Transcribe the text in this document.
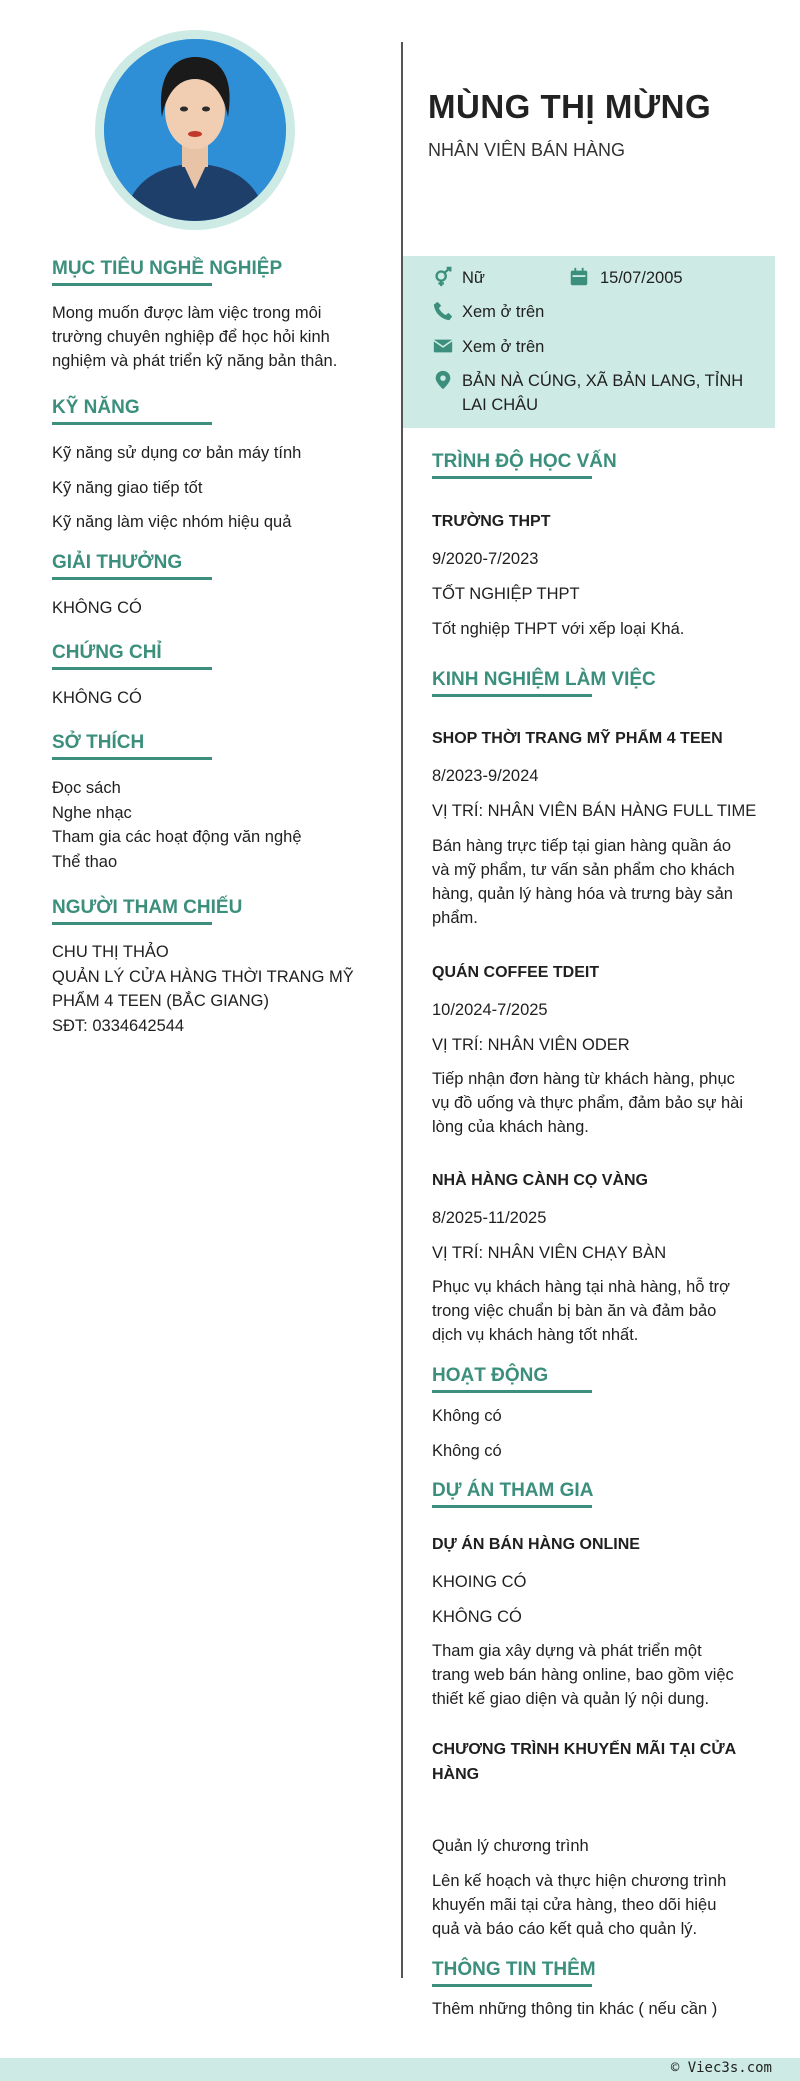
MÙNG THỊ MỪNG
NHÂN VIÊN BÁN HÀNG
Nữ	15/07/2005
Xem ở trên
Xem ở trên
BẢN NÀ CÚNG, XÃ BẢN LANG, TỈNH LAI CHÂU
MỤC TIÊU NGHỀ NGHIỆP
Mong muốn được làm việc trong môi
trường chuyên nghiệp để học hỏi kinh
nghiệm và phát triển kỹ năng bản thân.
KỸ NĂNG
Kỹ năng sử dụng cơ bản máy tính
Kỹ năng giao tiếp tốt
Kỹ năng làm việc nhóm hiệu quả
GIẢI THƯỞNG
KHÔNG CÓ
CHỨNG CHỈ
KHÔNG CÓ
SỞ THÍCH
Đọc sách
Nghe nhạc
Tham gia các hoạt động văn nghệ
Thể thao
NGƯỜI THAM CHIẾU
CHU THỊ THẢO
QUẢN LÝ CỬA HÀNG THỜI TRANG MỸ
PHẨM 4 TEEN (BẮC GIANG)
SĐT: 0334642544
TRÌNH ĐỘ HỌC VẤN
TRƯỜNG THPT
9/2020-7/2023
TỐT NGHIỆP THPT
Tốt nghiệp THPT với xếp loại Khá.
KINH NGHIỆM LÀM VIỆC
SHOP THỜI TRANG MỸ PHẨM 4 TEEN
8/2023-9/2024
VỊ TRÍ: NHÂN VIÊN BÁN HÀNG FULL TIME
Bán hàng trực tiếp tại gian hàng quần áo
và mỹ phẩm, tư vấn sản phẩm cho khách
hàng, quản lý hàng hóa và trưng bày sản
phẩm.
QUÁN COFFEE TDEIT
10/2024-7/2025
VỊ TRÍ: NHÂN VIÊN ODER
Tiếp nhận đơn hàng từ khách hàng, phục
vụ đồ uống và thực phẩm, đảm bảo sự hài
lòng của khách hàng.
NHÀ HÀNG CÀNH CỌ VÀNG
8/2025-11/2025
VỊ TRÍ: NHÂN VIÊN CHẠY BÀN
Phục vụ khách hàng tại nhà hàng, hỗ trợ
trong việc chuẩn bị bàn ăn và đảm bảo
dịch vụ khách hàng tốt nhất.
HOẠT ĐỘNG
Không có
Không có
DỰ ÁN THAM GIA
DỰ ÁN BÁN HÀNG ONLINE
KHOING CÓ
KHÔNG CÓ
Tham gia xây dựng và phát triển một
trang web bán hàng online, bao gồm việc
thiết kế giao diện và quản lý nội dung.
CHƯƠNG TRÌNH KHUYẾN MÃI TẠI CỬA
HÀNG
Quản lý chương trình
Lên kế hoạch và thực hiện chương trình
khuyến mãi tại cửa hàng, theo dõi hiệu
quả và báo cáo kết quả cho quản lý.
THÔNG TIN THÊM
Thêm những thông tin khác ( nếu cần )
© Viec3s.com
